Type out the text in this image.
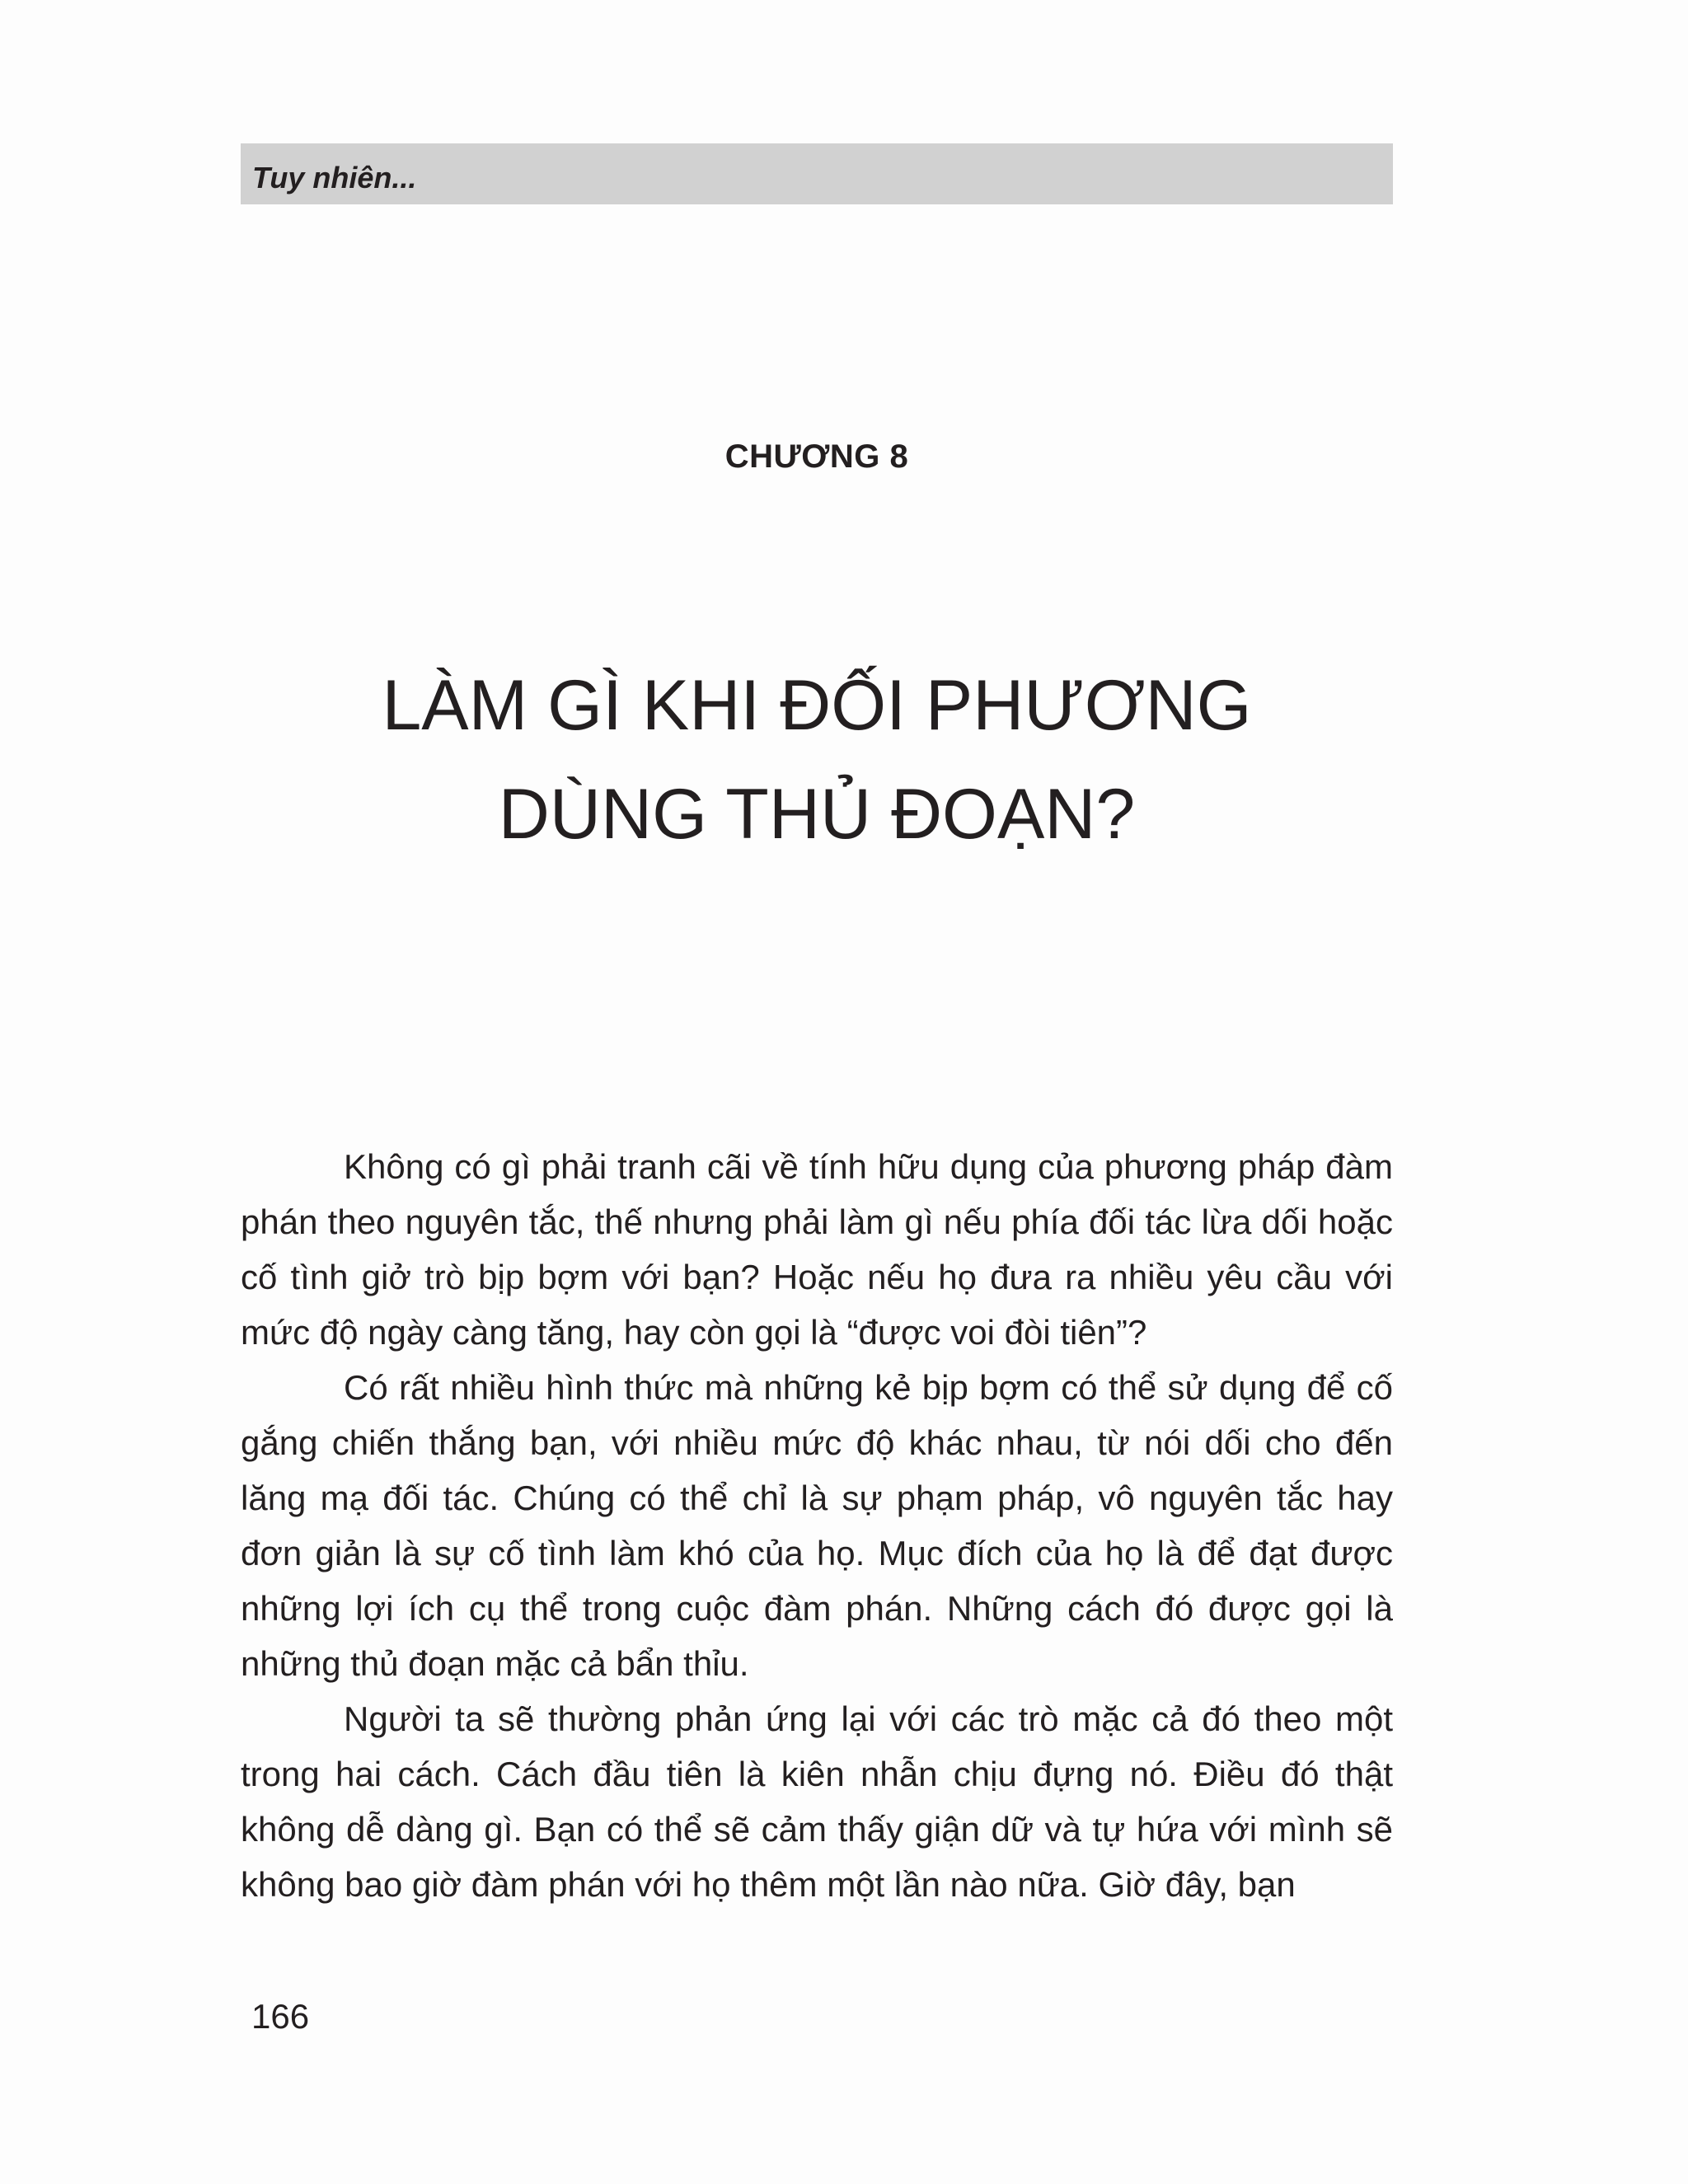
Tuy nhiên...
CHƯƠNG 8
LÀM GÌ KHI ĐỐI PHƯƠNG
DÙNG THỦ ĐOẠN?

Không có gì phải tranh cãi về tính hữu dụng của phương pháp đàm phán theo nguyên tắc, thế nhưng phải làm gì nếu phía đối tác lừa dối hoặc cố tình giở trò bịp bợm với bạn? Hoặc nếu họ đưa ra nhiều yêu cầu với mức độ ngày càng tăng, hay còn gọi là “được voi đòi tiên”?

Có rất nhiều hình thức mà những kẻ bịp bợm có thể sử dụng để cố gắng chiến thắng bạn, với nhiều mức độ khác nhau, từ nói dối cho đến lăng mạ đối tác. Chúng có thể chỉ là sự phạm pháp, vô nguyên tắc hay đơn giản là sự cố tình làm khó của họ. Mục đích của họ là để đạt được những lợi ích cụ thể trong cuộc đàm phán. Những cách đó được gọi là những thủ đoạn mặc cả bẩn thỉu.

Người ta sẽ thường phản ứng lại với các trò mặc cả đó theo một trong hai cách. Cách đầu tiên là kiên nhẫn chịu đựng nó. Điều đó thật không dễ dàng gì. Bạn có thể sẽ cảm thấy giận dữ và tự hứa với mình sẽ không bao giờ đàm phán với họ thêm một lần nào nữa. Giờ đây, bạn

166
